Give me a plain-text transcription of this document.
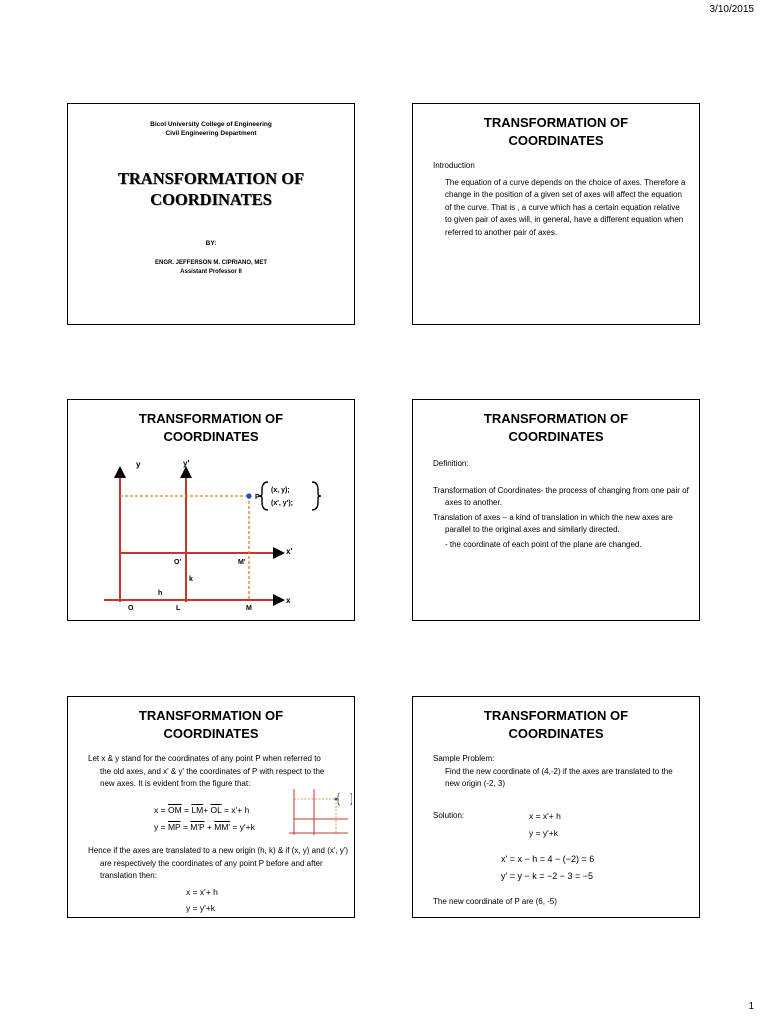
3/10/2015
Bicol University College of Engineering
Civil Engineering Department
TRANSFORMATION OF
COORDINATES
BY:
ENGR. JEFFERSON M. CIPRIANO, MET
Assistant Professor II
TRANSFORMATION OF
COORDINATES
Introduction
The equation of a curve depends on the choice of axes. Therefore a change in the position of a given set of axes will affect the equation of the curve. That is , a curve which has a certain equation relative to given pair of axes will, in general, have a different equation when referred to another pair of axes.
TRANSFORMATION OF
COORDINATES
y	y'
x'
x
P
(x, y);
(x', y');
O'	M'
k
h
O	L	M
TRANSFORMATION OF
COORDINATES
Definition:
Transformation of Coordinates- the process of changing from one pair of axes to another.
Translation of axes – a kind of translation in which the new axes are parallel to the original axes and similarly directed.
- the coordinate of each point of the plane are changed.
TRANSFORMATION OF
COORDINATES
Let x & y stand for the coordinates of any point P when referred to the old axes, and x' & y' the coordinates of P with respect to the new axes. It is evident from the figure that:
$x = \overline{OM} = \overline{LM}+ \overline{OL} = x'+ h$
$y = \overline{MP} = M'P + MM' = y'+k$
Hence if the axes are translated to a new origin (h, k) & if (x, y) and (x', y') are respectively the coordinates of any point P before and after translation then:
x = x'+ h
y = y'+k
TRANSFORMATION OF
COORDINATES
Sample Problem:
Find the new coordinate of (4,-2) if the axes are translated to the new origin (-2, 3)
Solution:	x = x'+ h
y = y'+k
x' = x − h = 4 − (−2) = 6
y' = y − k = −2 − 3 = −5
The new coordinate of P are (6, -5)
1
